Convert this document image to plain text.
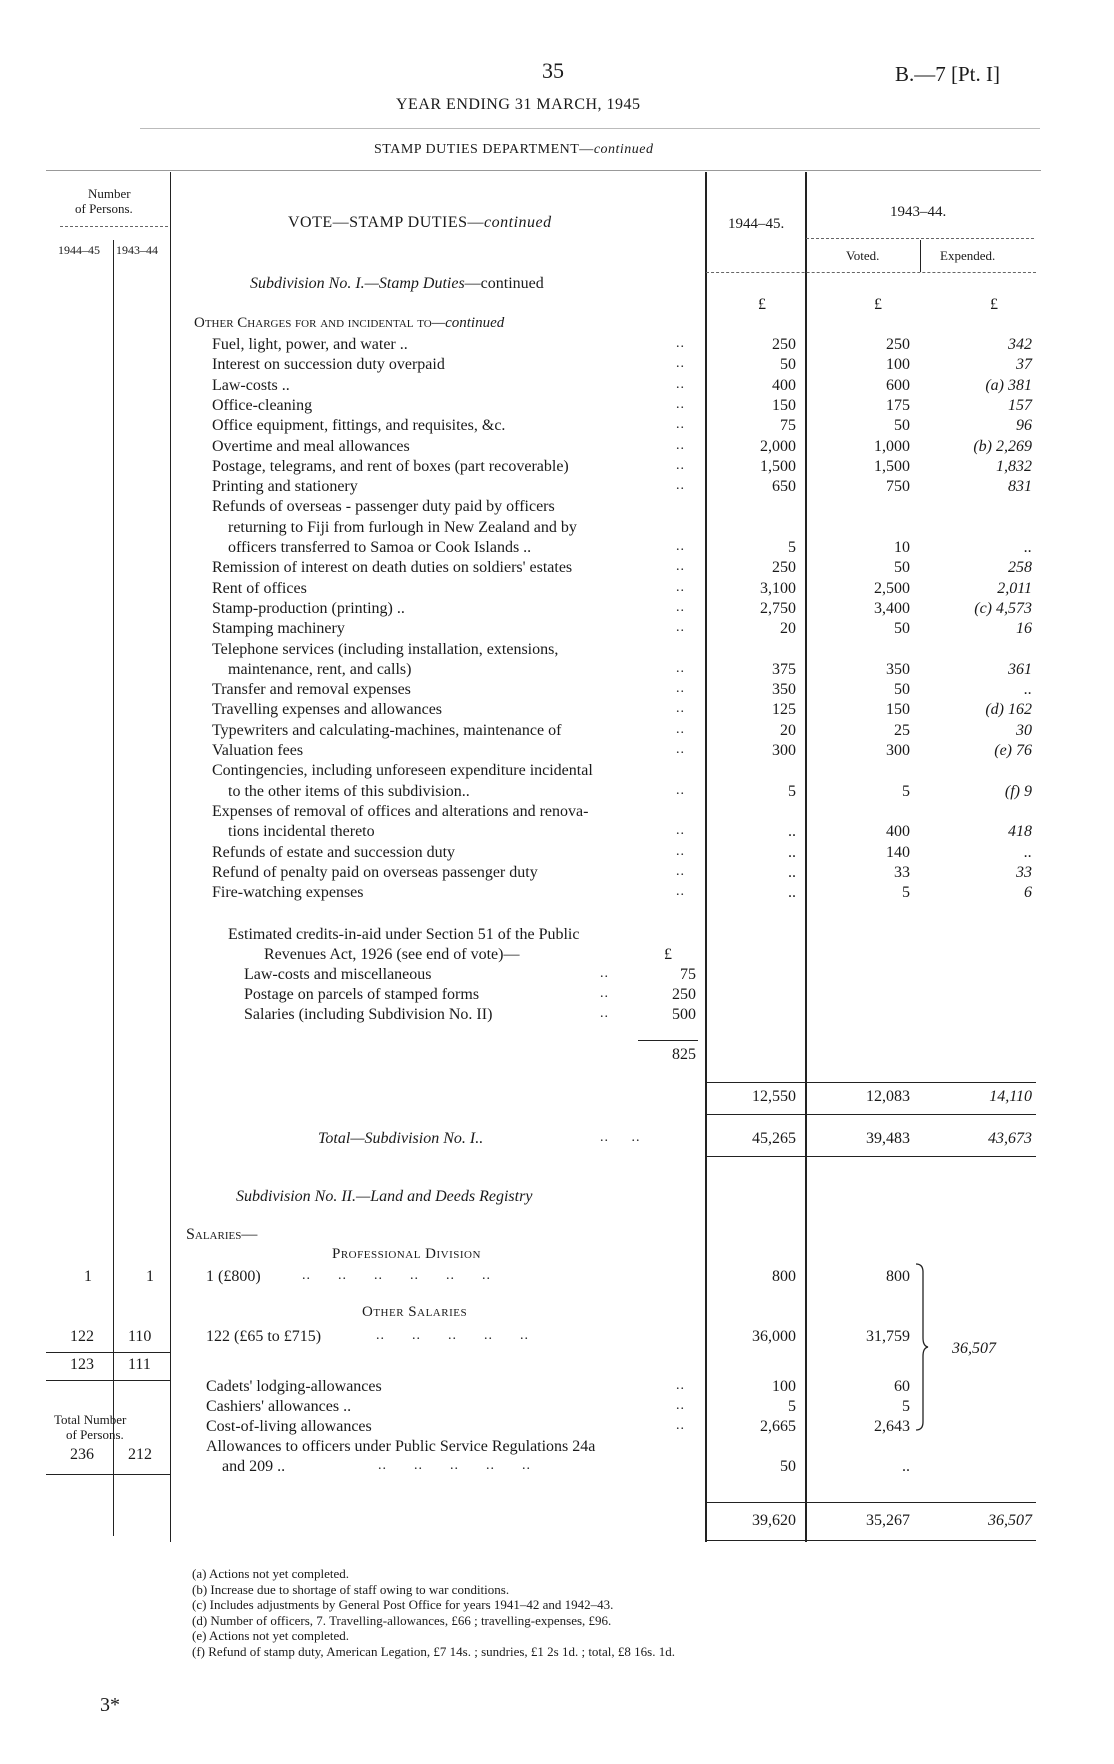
35	B.—7 [Pt. I]
YEAR ENDING 31 MARCH, 1945
STAMP DUTIES DEPARTMENT—continued
Number
of Persons.
1944–45 1943–44
VOTE—STAMP DUTIES—continued	1944–45.
1943–44.
Voted.	Expended.
Subdivision No. I.—Stamp Duties—continued
£	£	£
Other Charges for and incidental to—continued
Fuel, light, power, and water ..	250	250	342
..
Interest on succession duty overpaid	50	100	37
..
Law-costs ..	400	600	(a) 381
..
Office-cleaning	150	175	157
..
Office equipment, fittings, and requisites, &c.	75	50	96
..
Overtime and meal allowances	2,000	1,000	(b) 2,269
..
Postage, telegrams, and rent of boxes (part recoverable)	1,500	1,500	1,832
..
Printing and stationery	650	750	831
..
Refunds of overseas - passenger duty paid by officers
returning to Fiji from furlough in New Zealand and by
officers transferred to Samoa or Cook Islands ..	5	10	..
..
Remission of interest on death duties on soldiers' estates	250	50	258
..
Rent of offices	3,100	2,500	2,011
..
Stamp-production (printing) ..	2,750	3,400	(c) 4,573
..
Stamping machinery	20	50	16
..
Telephone services (including installation, extensions,
maintenance, rent, and calls)	375	350	361
..
Transfer and removal expenses	350	50	..
..
Travelling expenses and allowances	125	150	(d) 162
..
Typewriters and calculating-machines, maintenance of	20	25	30
..
Valuation fees	300	300	(e) 76
..
Contingencies, including unforeseen expenditure incidental
to the other items of this subdivision..	5	5	(f) 9
..
Expenses of removal of offices and alterations and renova-
tions incidental thereto	..	400	418
..
Refunds of estate and succession duty	..	140	..
..
Refund of penalty paid on overseas passenger duty	..	33	33
..
Fire-watching expenses	..	5	6
..
Estimated credits-in-aid under Section 51 of the Public
Revenues Act, 1926 (see end of vote)—	£
Law-costs and miscellaneous	..	75
Postage on parcels of stamped forms	..	250
Salaries (including Subdivision No. II)	..	500
825
12,550	12,083	14,110
Total—Subdivision No. I..	..     ..	45,265	39,483	43,673
Subdivision No. II.—Land and Deeds Registry
Salaries—
Professional Division
1	1	1 (£800)	..      ..      ..      ..      ..      ..	800	800
Other Salaries
122 110	122 (£65 to £715)	..      ..      ..      ..      ..	36,000	31,759
123 111
36,507
Cadets' lodging-allowances	..	100	60
Cashiers' allowances ..	..	5	5
Cost-of-living allowances	..	2,665	2,643
Total Number
of Persons.
236 212	Allowances to officers under Public Service Regulations 24a
and 209 ..	..      ..      ..      ..      ..	50	..
39,620	35,267	36,507
(a) Actions not yet completed.
(b) Increase due to shortage of staff owing to war conditions.
(c) Includes adjustments by General Post Office for years 1941–42 and 1942–43.
(d) Number of officers, 7. Travelling-allowances, £66 ; travelling-expenses, £96.
(e) Actions not yet completed.
(f) Refund of stamp duty, American Legation, £7 14s. ; sundries, £1 2s 1d. ; total, £8 16s. 1d.
3*
